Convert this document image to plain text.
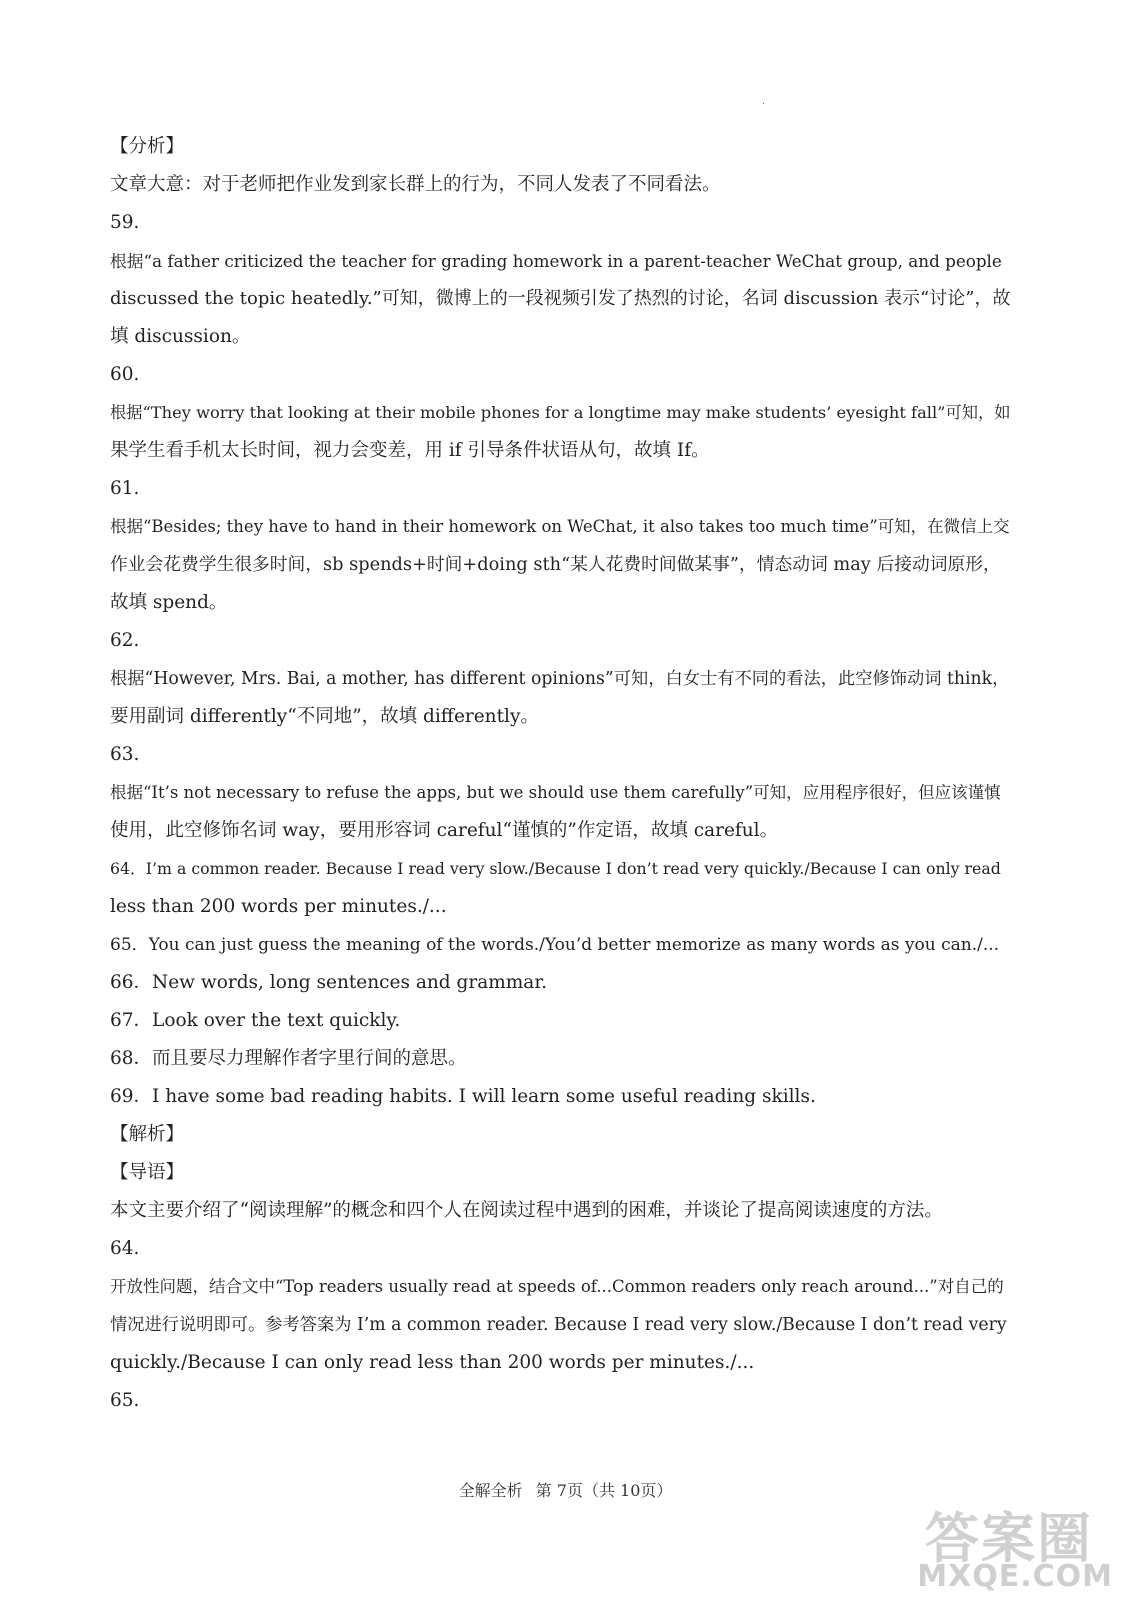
.
【分析】
文章大意：对于老师把作业发到家长群上的行为，不同人发表了不同看法。
59.
根据“a father criticized the teacher for grading homework in a parent-teacher WeChat group, and people
discussed the topic heatedly.”可知，微博上的一段视频引发了热烈的讨论，名词 discussion 表示“讨论”，故
填 discussion。
60.
根据“They worry that looking at their mobile phones for a longtime may make students’ eyesight fall”可知，如
果学生看手机太长时间，视力会变差，用 if 引导条件状语从句，故填 If。
61.
根据“Besides; they have to hand in their homework on WeChat, it also takes too much time”可知，在微信上交
作业会花费学生很多时间，sb spends+时间+doing sth“某人花费时间做某事”，情态动词 may 后接动词原形，
故填 spend。
62.
根据“However, Mrs. Bai, a mother, has different opinions”可知，白女士有不同的看法，此空修饰动词 think，
要用副词 differently“不同地”，故填 differently。
63.
根据“It’s not necessary to refuse the apps, but we should use them carefully”可知，应用程序很好，但应该谨慎
使用，此空修饰名词 way，要用形容词 careful“谨慎的”作定语，故填 careful。
64．I’m a common reader. Because I read very slow./Because I don’t read very quickly./Because I can only read
less than 200 words per minutes./...
65．You can just guess the meaning of the words./You’d better memorize as many words as you can./...
66．New words, long sentences and grammar.
67．Look over the text quickly.
68．而且要尽力理解作者字里行间的意思。
69．I have some bad reading habits. I will learn some useful reading skills.
【解析】
【导语】
本文主要介绍了“阅读理解”的概念和四个人在阅读过程中遇到的困难，并谈论了提高阅读速度的方法。
64.
开放性问题，结合文中“Top readers usually read at speeds of...Common readers only reach around...”对自己的
情况进行说明即可。参考答案为 I’m a common reader. Because I read very slow./Because I don’t read very
quickly./Because I can only read less than 200 words per minutes./...
65.
全解全析 第 7页（共 10页）
答案圈
MXQE.COM
